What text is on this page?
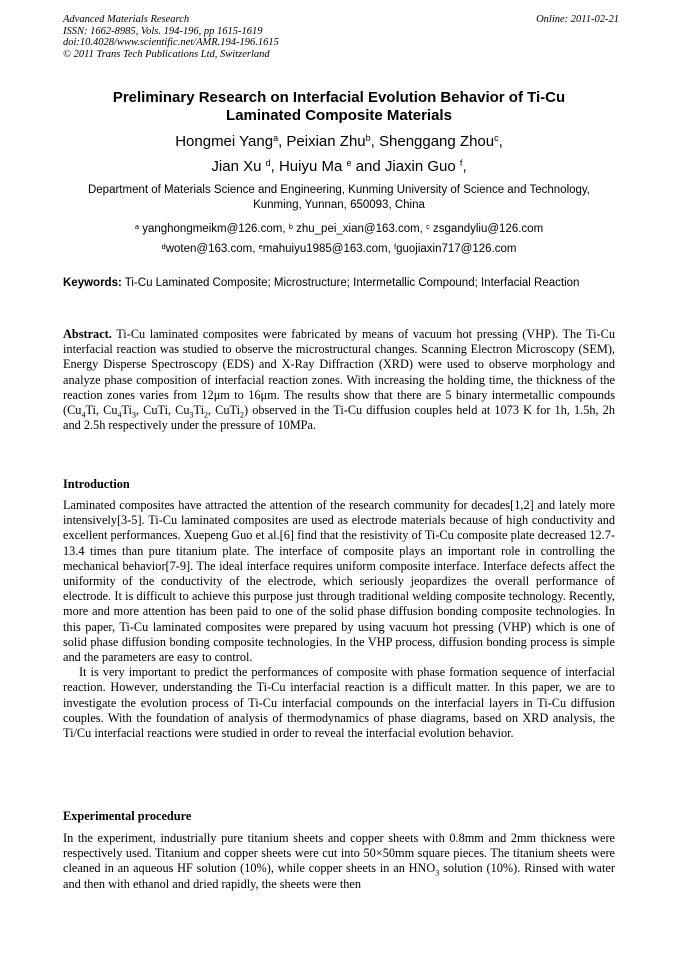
Advanced Materials Research
ISSN: 1662-8985, Vols. 194-196, pp 1615-1619
doi:10.4028/www.scientific.net/AMR.194-196.1615
© 2011 Trans Tech Publications Ltd, Switzerland
Online: 2011-02-21
Preliminary Research on Interfacial Evolution Behavior of Ti-Cu
Laminated Composite Materials
Hongmei Yang$^a$, Peixian Zhu$^b$, Shenggang Zhou$^c$,
Jian Xu $^d$, Huiyu Ma $^e$ and Jiaxin Guo $^f$,
Department of Materials Science and Engineering, Kunming University of Science and Technology,
Kunming, Yunnan, 650093, China
$^a$ yanghongmeikm@126.com, $^b$ zhu_pei_xian@163.com, $^c$ zsgandyliu@126.com
$^d$woten@163.com, $^e$mahuiyu1985@163.com, $^f$guojiaxin717@126.com
Keywords: Ti-Cu Laminated Composite; Microstructure; Intermetallic Compound; Interfacial Reaction

Abstract. Ti-Cu laminated composites were fabricated by means of vacuum hot pressing (VHP). The Ti-Cu interfacial reaction was studied to observe the microstructural changes. Scanning Electron Microscopy (SEM), Energy Disperse Spectroscopy (EDS) and X-Ray Diffraction (XRD) were used to observe morphology and analyze phase composition of interfacial reaction zones. With increasing the holding time, the thickness of the reaction zones varies from 12μm to 16μm. The results show that there are 5 binary intermetallic compounds ($Cu_4Ti$, $Cu_4Ti_3$, CuTi, $Cu_3Ti_2$, CuTi$_2$) observed in the Ti-Cu diffusion couples held at 1073 K for 1h, 1.5h, 2h and 2.5h respectively under the pressure of 10MPa.

Introduction

Laminated composites have attracted the attention of the research community for decades[1,2] and lately more intensively[3-5]. Ti-Cu laminated composites are used as electrode materials because of high conductivity and excellent performances. Xuepeng Guo et al.[6] find that the resistivity of Ti-Cu composite plate decreased 12.7-13.4 times than pure titanium plate. The interface of composite plays an important role in controlling the mechanical behavior[7-9]. The ideal interface requires uniform composite interface. Interface defects affect the uniformity of the conductivity of the electrode, which seriously jeopardizes the overall performance of electrode. It is difficult to achieve this purpose just through traditional welding composite technology. Recently, more and more attention has been paid to one of the solid phase diffusion bonding composite technologies. In this paper, Ti-Cu laminated composites were prepared by using vacuum hot pressing (VHP) which is one of solid phase diffusion bonding composite technologies. In the VHP process, diffusion bonding process is simple and the parameters are easy to control.

It is very important to predict the performances of composite with phase formation sequence of interfacial reaction. However, understanding the Ti-Cu interfacial reaction is a difficult matter. In this paper, we are to investigate the evolution process of Ti-Cu interfacial compounds on the interfacial layers in Ti-Cu diffusion couples. With the foundation of analysis of thermodynamics of phase diagrams, based on XRD analysis, the Ti/Cu interfacial reactions were studied in order to reveal the interfacial evolution behavior.

Experimental procedure

In the experiment, industrially pure titanium sheets and copper sheets with 0.8mm and 2mm thickness were respectively used. Titanium and copper sheets were cut into 50×50mm square pieces. The titanium sheets were cleaned in an aqueous HF solution (10%), while copper sheets in an $HNO_3$ solution (10%). Rinsed with water and then with ethanol and dried rapidly, the sheets were then
